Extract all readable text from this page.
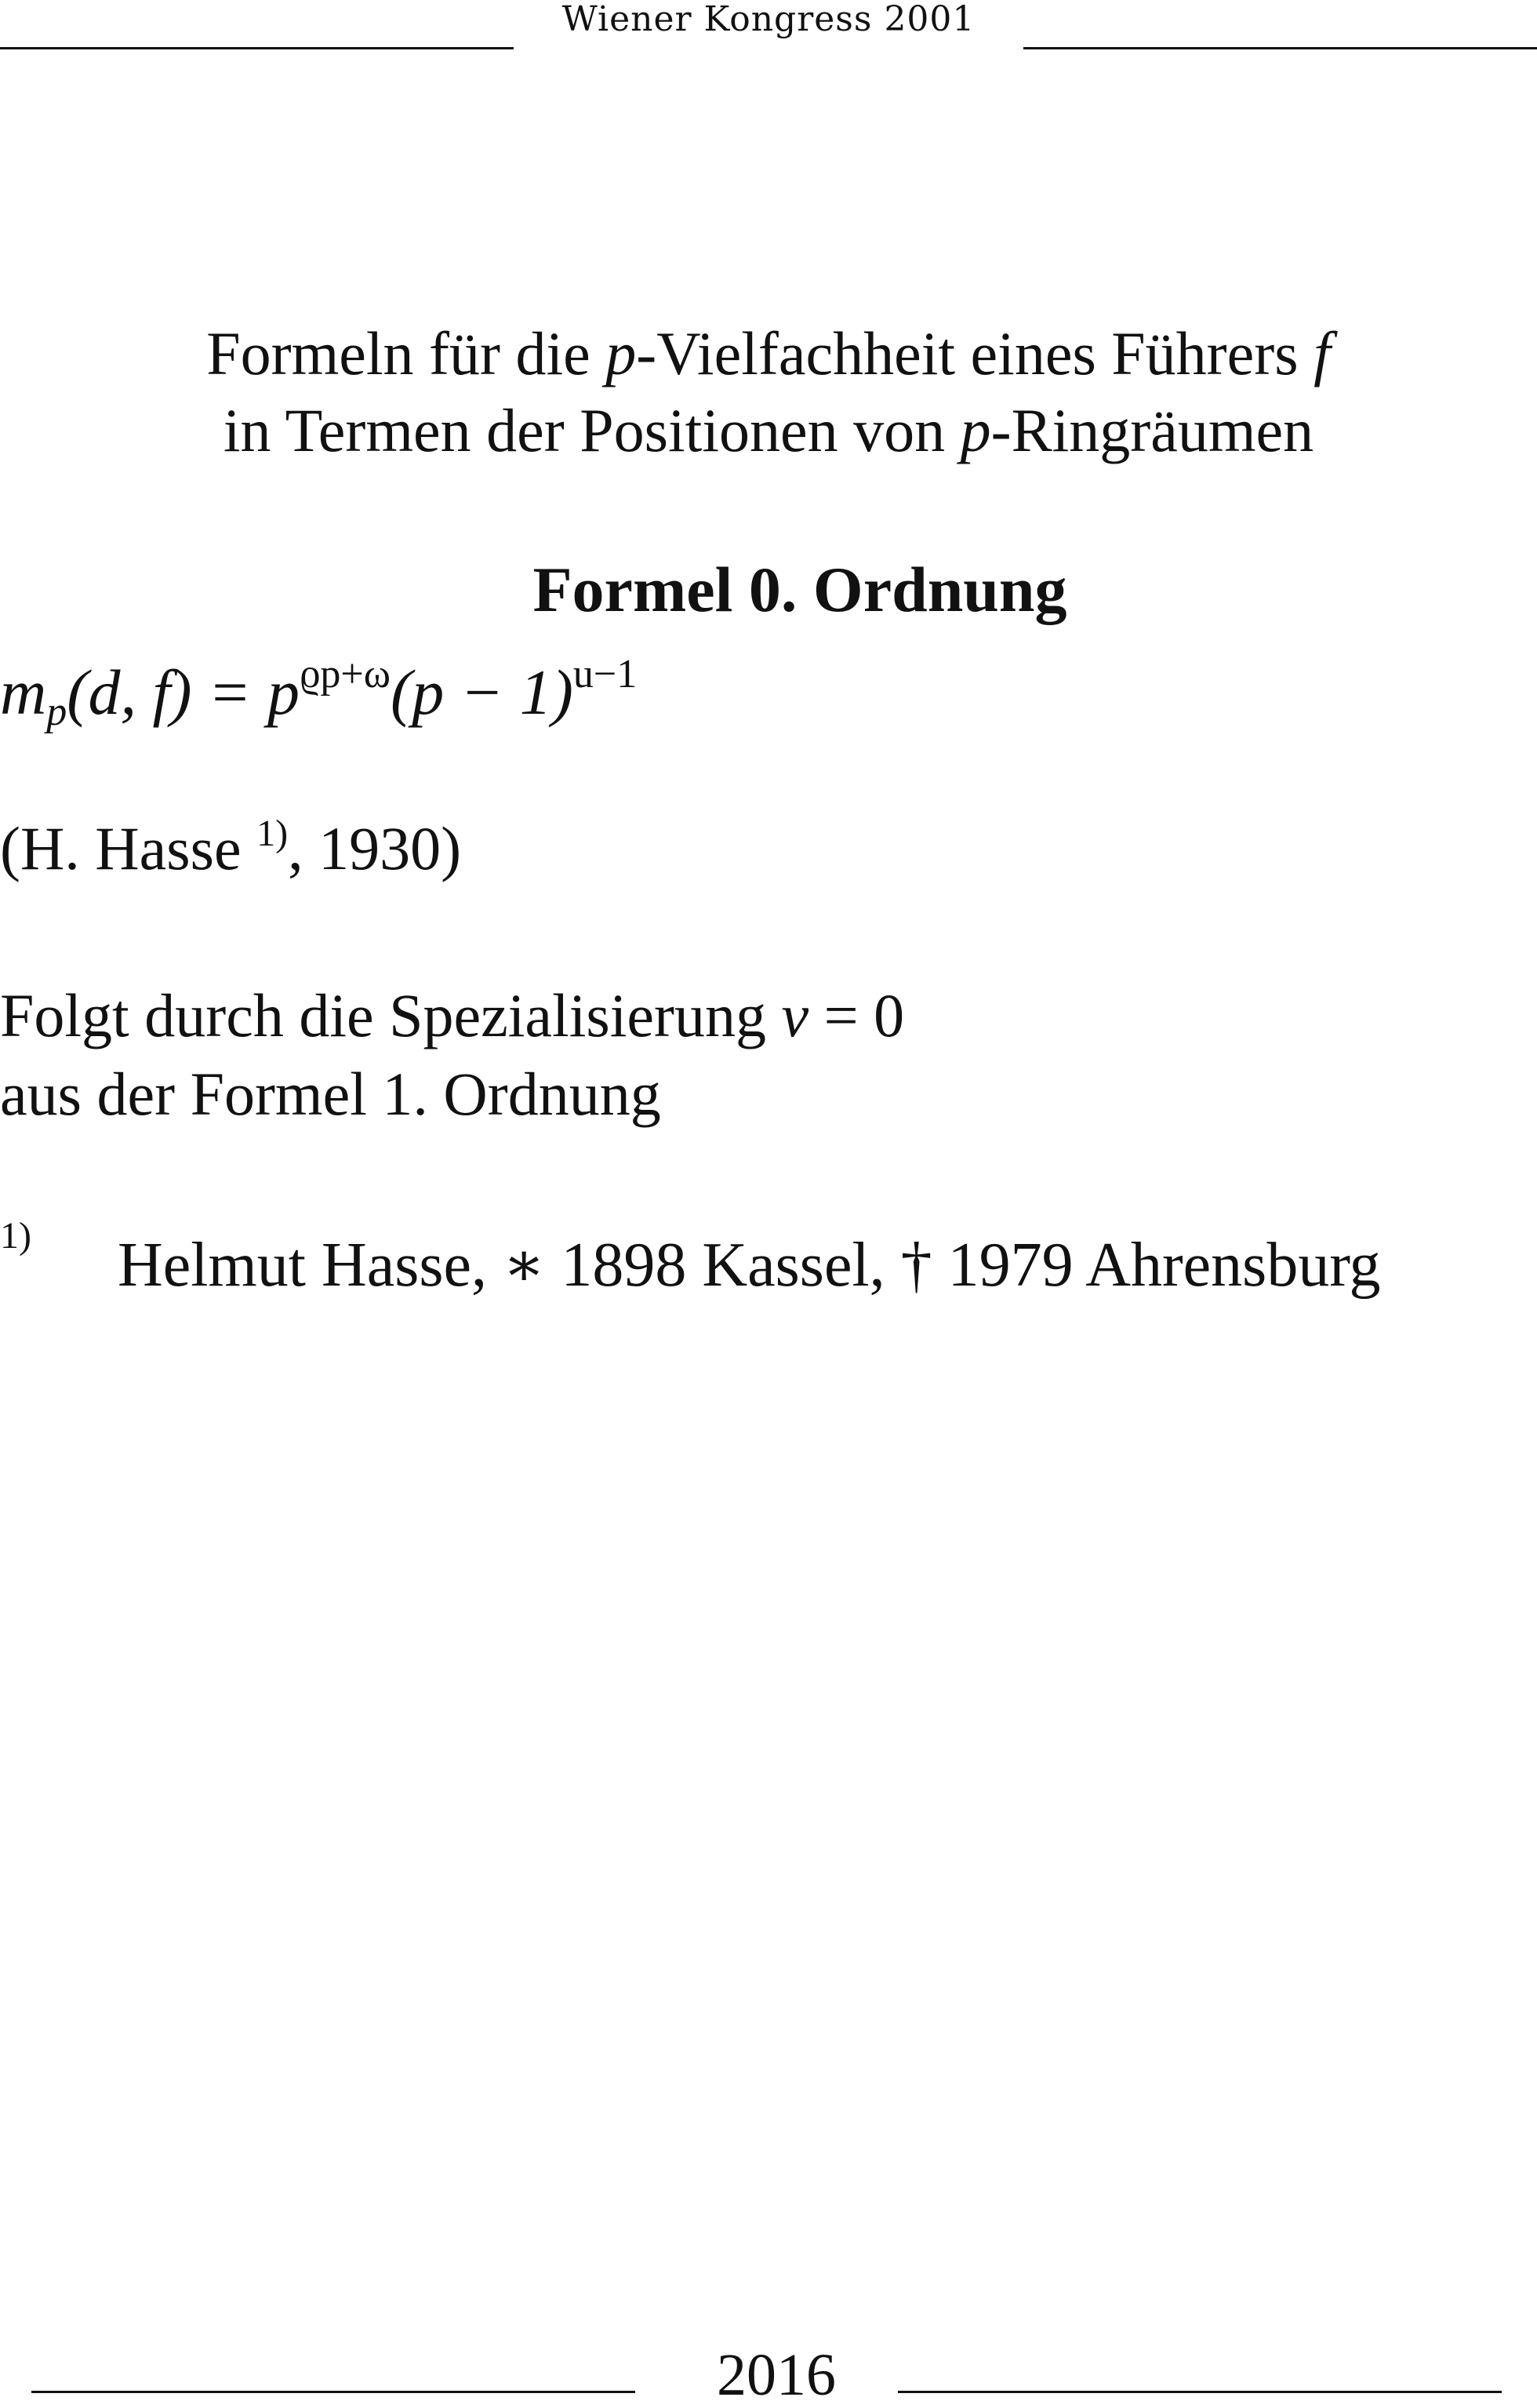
Wiener Kongress 2001
Formeln für die p-Vielfachheit eines Führers f
in Termen der Positionen von p-Ringräumen
Formel 0. Ordnung
$m_p(d$, $f) = p^{ϱp+\omega}(p - 1)^{u-1}$
(H. Hasse $^{1)}$, 1930)
Folgt durch die Spezialisierung v = 0
aus der Formel 1. Ordnung
1) Helmut Hasse, ∗ 1898 Kassel, † 1979 Ahrensburg
2016
